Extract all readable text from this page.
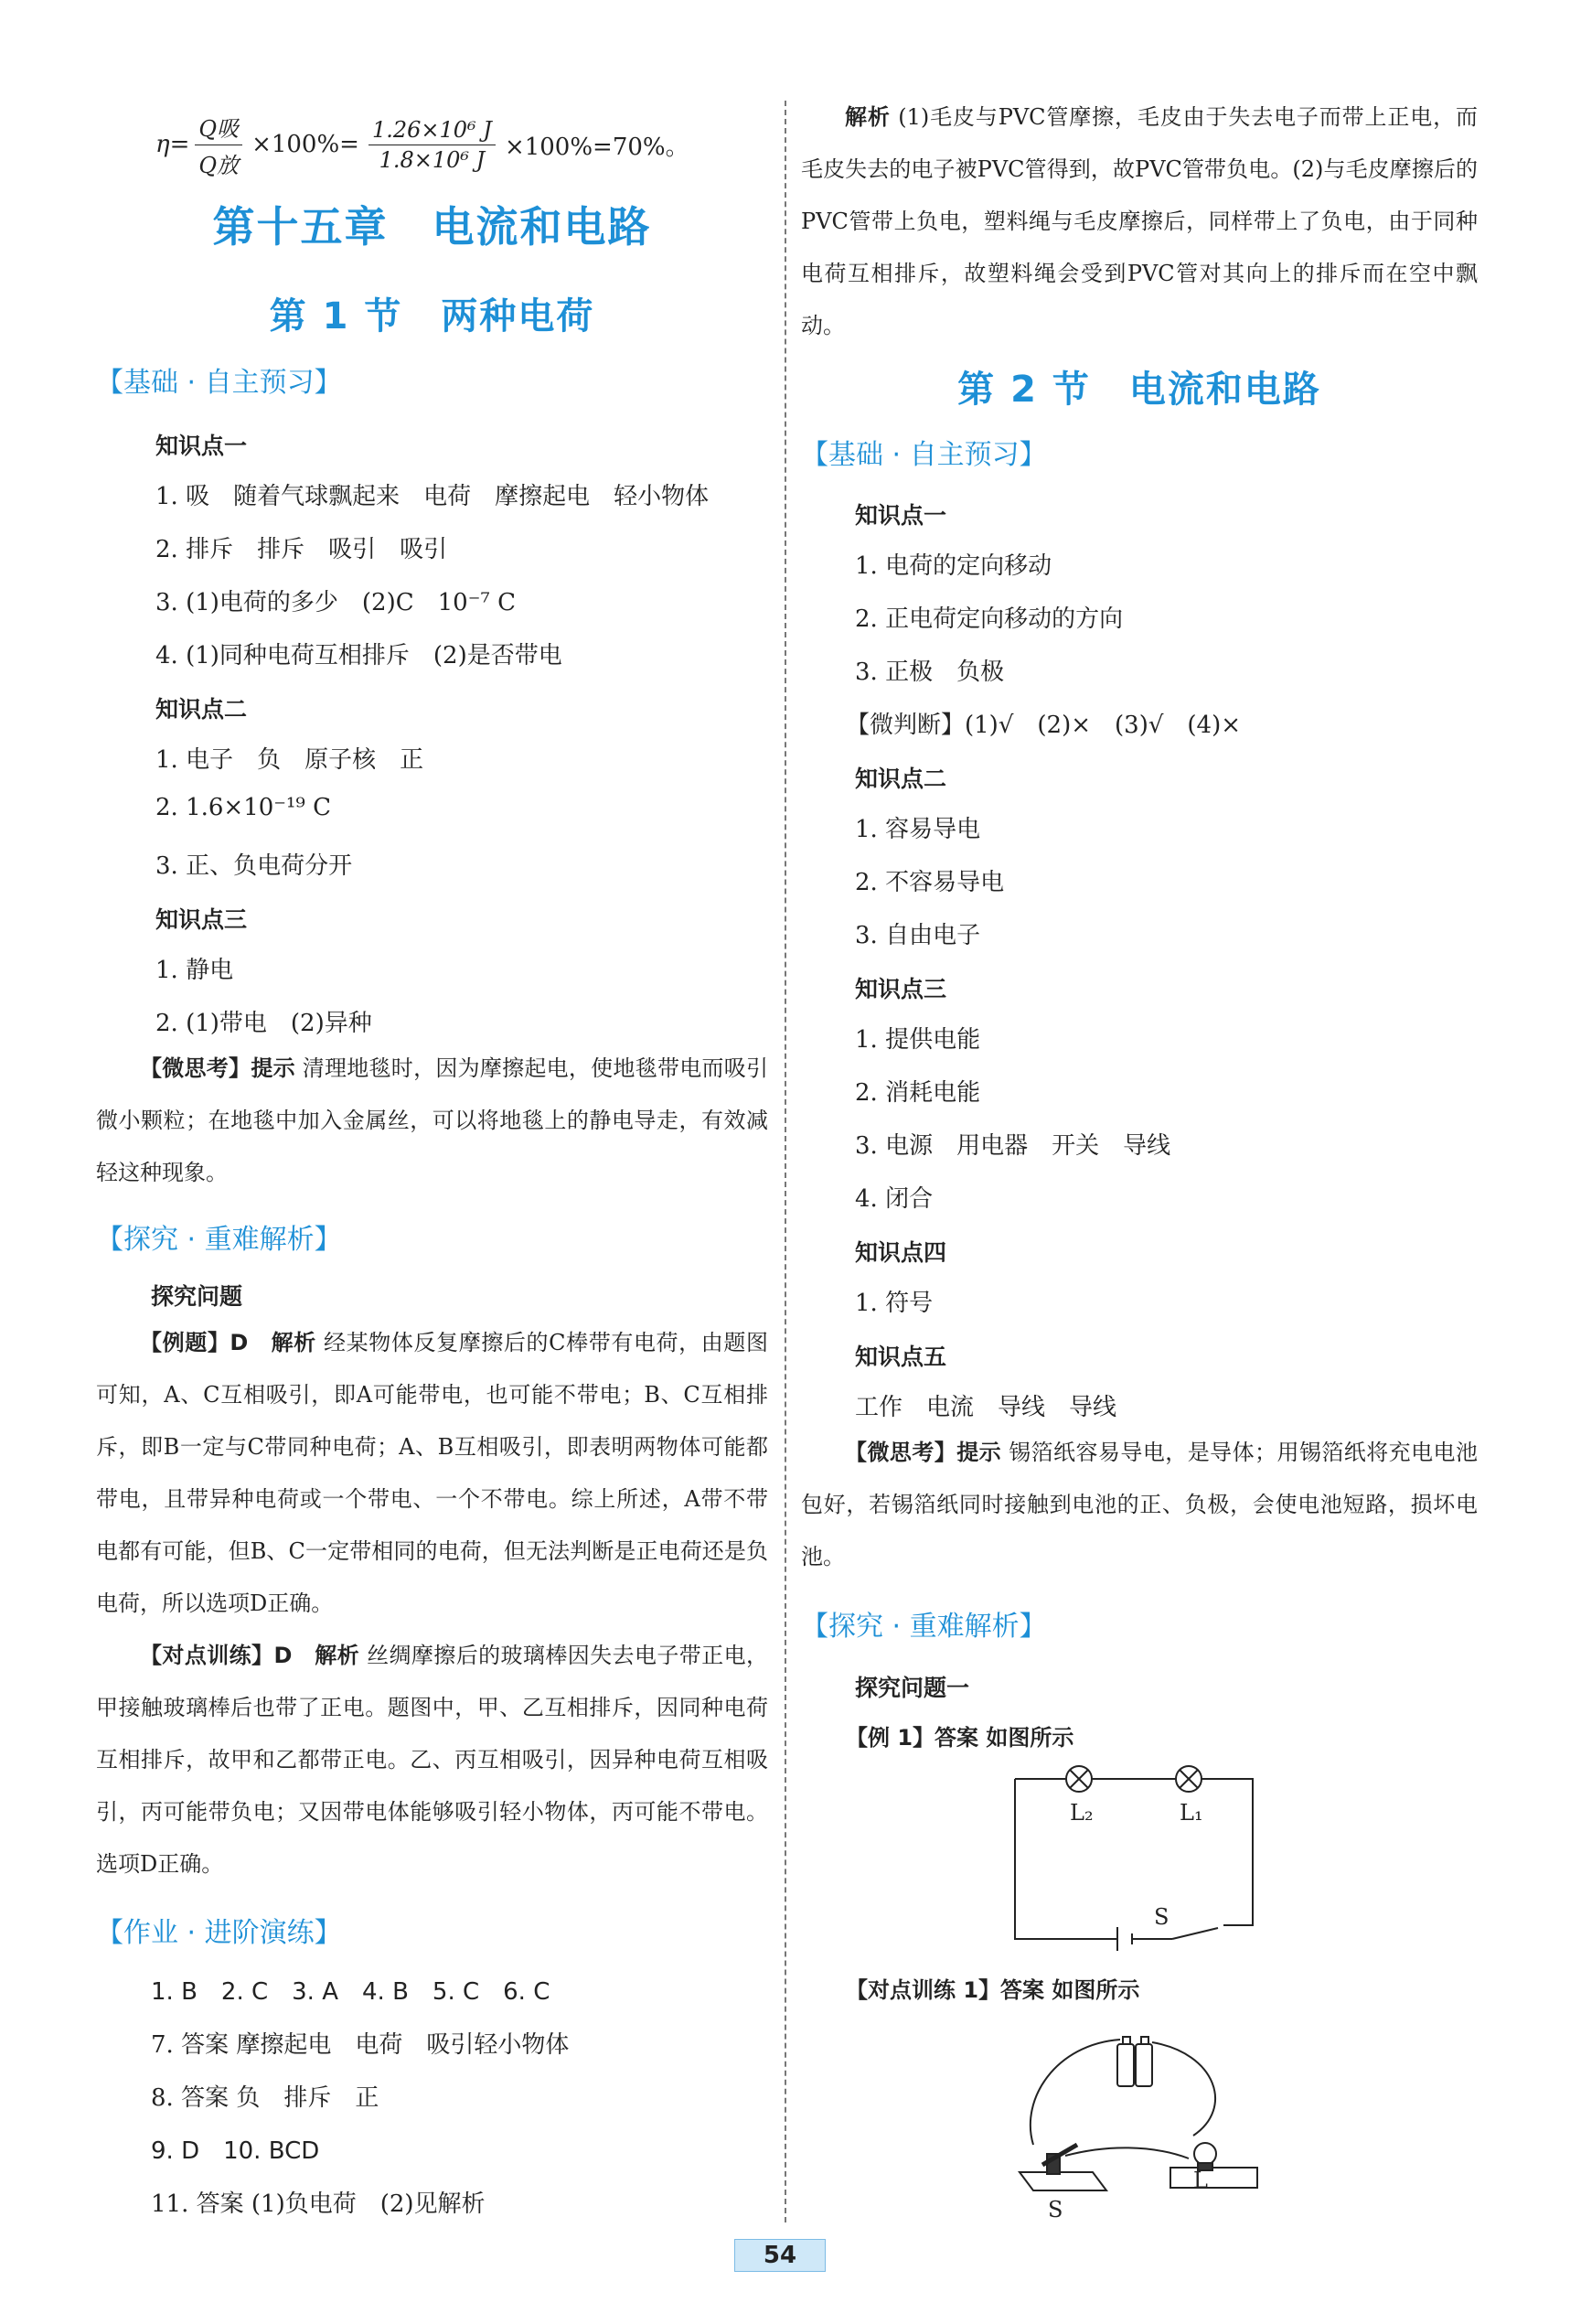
$\eta= \frac{\text{Q吸}}{\text{Q放}} \times 100\%= \frac{\text{1.26×10⁶ J}}{\text{1.8×10⁶ J}} \times 100\%=70\%$。
第十五章　电流和电路
第 1 节　两种电荷
【基础 · 自主预习】
知识点一
1. 吸　随着气球飘起来　电荷　摩擦起电　轻小物体
2. 排斥　排斥　吸引　吸引
3. (1)电荷的多少　(2)C　10⁻⁷ C
4. (1)同种电荷互相排斥　(2)是否带电
知识点二
1. 电子　负　原子核　正
2. 1.6×10⁻¹⁹ C
3. 正、负电荷分开
知识点三
1. 静电
2. (1)带电　(2)异种
【微思考】提示 清理地毯时，因为摩擦起电，使地毯带电而吸引微小颗粒；在地毯中加入金属丝，可以将地毯上的静电导走，有效减轻这种现象。
【探究 · 重难解析】
探究问题
【例题】D　解析 经某物体反复摩擦后的C棒带有电荷，由题图可知，A、C互相吸引，即A可能带电，也可能不带电；B、C互相排斥，即B一定与C带同种电荷；A、B互相吸引，即表明两物体可能都带电，且带异种电荷或一个带电、一个不带电。综上所述，A带不带电都有可能，但B、C一定带相同的电荷，但无法判断是正电荷还是负电荷，所以选项D正确。
【对点训练】D　解析 丝绸摩擦后的玻璃棒因失去电子带正电，甲接触玻璃棒后也带了正电。题图中，甲、乙互相排斥，因同种电荷互相排斥，故甲和乙都带正电。乙、丙互相吸引，因异种电荷互相吸引，丙可能带负电；又因带电体能够吸引轻小物体，丙可能不带电。选项D正确。
【作业 · 进阶演练】
1. B　2. C　3. A　4. B　5. C　6. C
7. 答案 摩擦起电　电荷　吸引轻小物体
8. 答案 负　排斥　正
9. D　10. BCD
11. 答案 (1)负电荷　(2)见解析
解析 (1)毛皮与PVC管摩擦，毛皮由于失去电子而带上正电，而毛皮失去的电子被PVC管得到，故PVC管带负电。(2)与毛皮摩擦后的PVC管带上负电，塑料绳与毛皮摩擦后，同样带上了负电，由于同种电荷互相排斥，故塑料绳会受到PVC管对其向上的排斥而在空中飘动。
第 2 节　电流和电路
【基础 · 自主预习】
知识点一
1. 电荷的定向移动
2. 正电荷定向移动的方向
3. 正极　负极
【微判断】(1)√　(2)×　(3)√　(4)×
知识点二
1. 容易导电
2. 不容易导电
3. 自由电子
知识点三
1. 提供电能
2. 消耗电能
3. 电源　用电器　开关　导线
4. 闭合
知识点四
1. 符号
知识点五
工作　电流　导线　导线
【微思考】提示 锡箔纸容易导电，是导体；用锡箔纸将充电电池包好，若锡箔纸同时接触到电池的正、负极，会使电池短路，损坏电池。
【探究 · 重难解析】
探究问题一
【例 1】答案 如图所示
L₂	L₁
S
【对点训练 1】答案 如图所示
S
L
54
